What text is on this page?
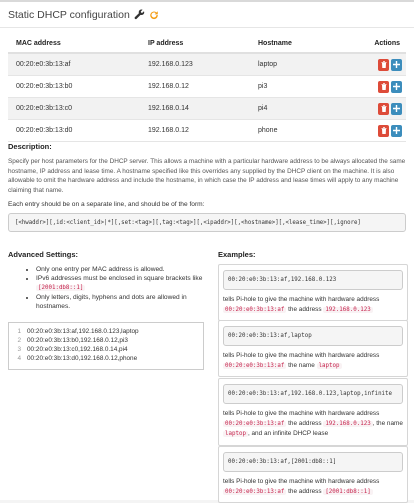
Static DHCP configuration
MAC address	IP address	Hostname	Actions
00:20:e0:3b:13:af	192.168.0.123	laptop
00:20:e0:3b:13:b0	192.168.0.12	pi3
00:20:e0:3b:13:c0	192.168.0.14	pi4
00:20:e0:3b:13:d0	192.168.0.12	phone
Description:
Specify per host parameters for the DHCP server. This allows a machine with a particular hardware address to be always allocated the same hostname, IP address and lease time. A hostname specified like this overrides any supplied by the DHCP client on the machine. It is also allowable to omit the hardware address and include the hostname, in which case the IP address and lease times will apply to any machine claiming that name.
Each entry should be on a separate line, and should be of the form:
[<hwaddr>][,id:<client_id>|*][,set:<tag>][,tag:<tag>][,<ipaddr>][,<hostname>][,<lease_time>][,ignore]
Advanced Settings:
• Only one entry per MAC address is allowed.
• IPv6 addresses must be enclosed in square brackets like
[2001:db8::1]
• Only letters, digits, hyphens and dots are allowed in hostnames.
1 00:20:e0:3b:13:af,192.168.0.123,laptop
2 00:20:e0:3b:13:b0,192.168.0.12,pi3
3 00:20:e0:3b:13:c0,192.168.0.14,pi4
4 00:20:e0:3b:13:d0,192.168.0.12,phone
Examples:
00:20:e0:3b:13:af,192.168.0.123
tells Pi-hole to give the machine with hardware address 00:20:e0:3b:13:af the address 192.168.0.123
00:20:e0:3b:13:af,laptop
tells Pi-hole to give the machine with hardware address 00:20:e0:3b:13:af the name laptop
00:20:e0:3b:13:af,192.168.0.123,laptop,infinite
tells Pi-hole to give the machine with hardware address 00:20:e0:3b:13:af the address 192.168.0.123 , the name laptop , and an infinite DHCP lease
00:20:e0:3b:13:af,[2001:db8::1]
tells Pi-hole to give the machine with hardware address 00:20:e0:3b:13:af the address [2001:db8::1]
